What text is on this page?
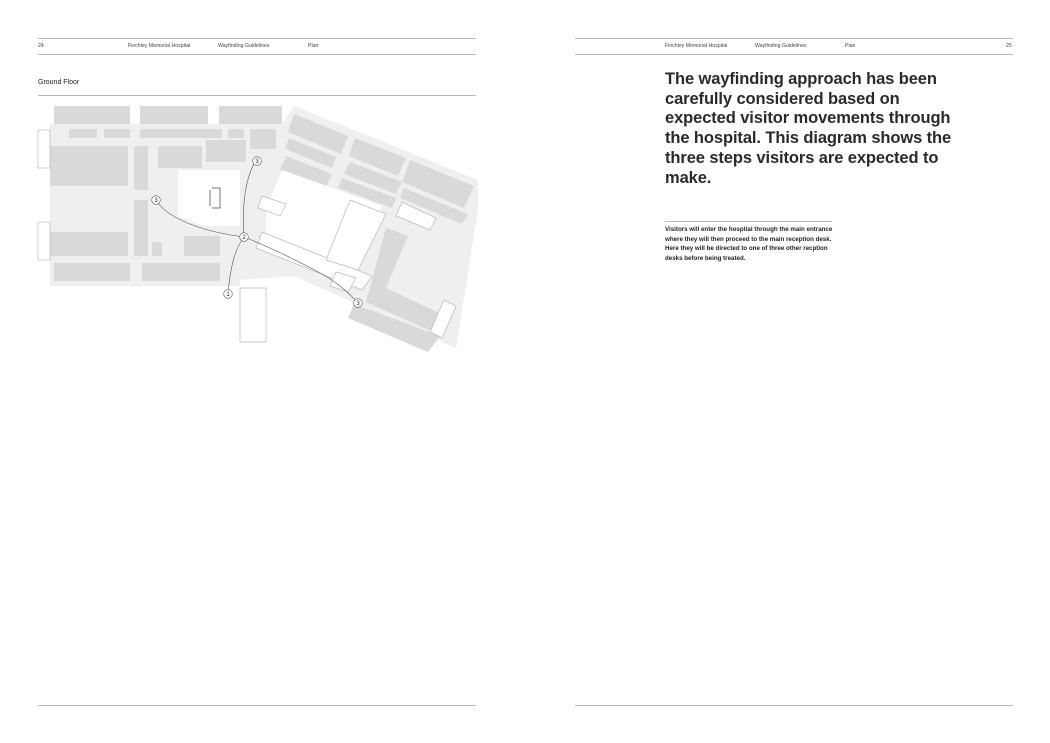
24	Finchley Memorial Hospital	Wayfinding Guidelines	Plan
Ground Floor
3
3
2
1
3
Finchley Memorial Hospital	Wayfinding Guidelines	Plan	25
The wayfinding approach has been carefully considered based on expected visitor movements through the hospital. This diagram shows the three steps visitors are expected to make.
Visitors will enter the hospital through the main entrance where they will then proceed to the main reception desk. Here they will be directed to one of three other recption desks before being treated.
